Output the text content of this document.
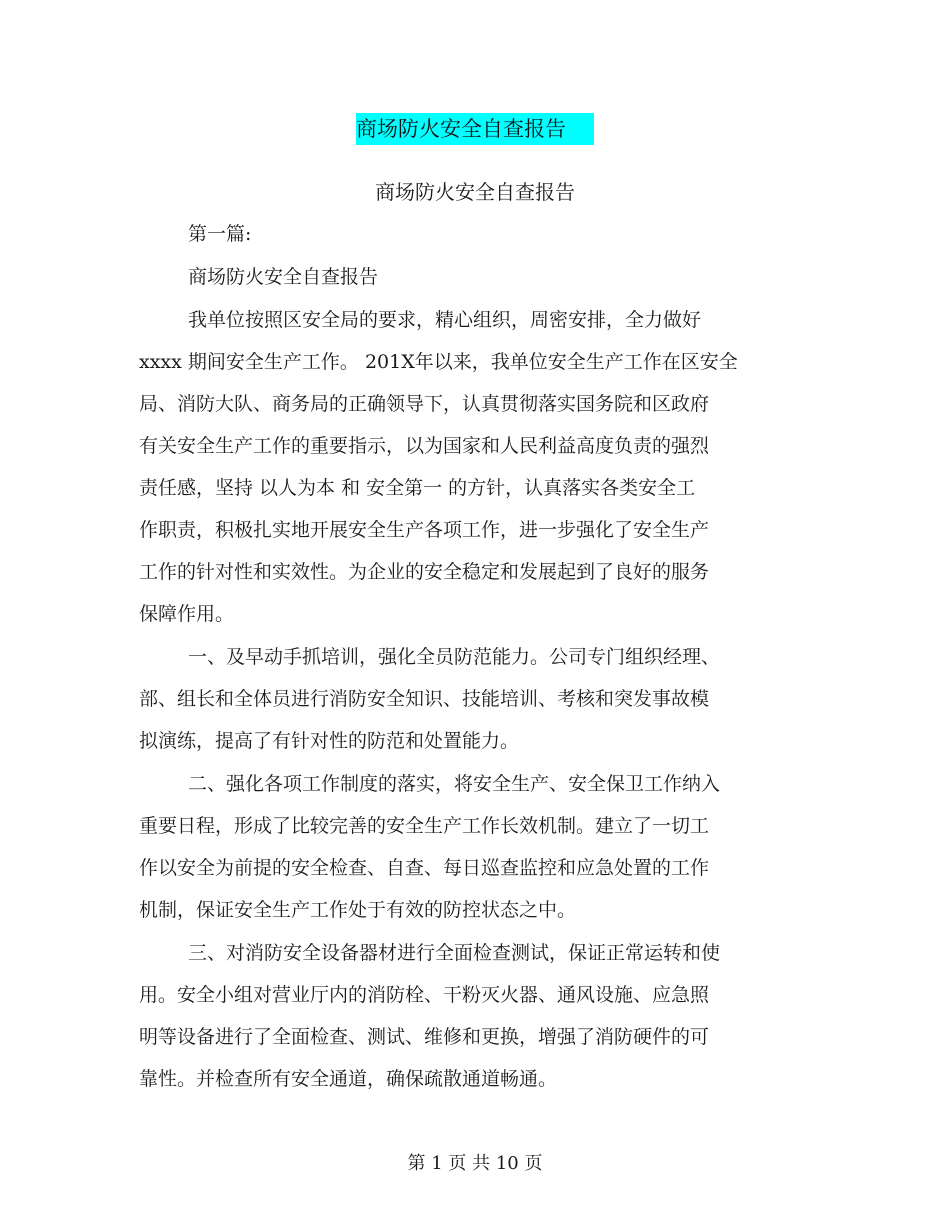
商场防火安全自查报告
商场防火安全自查报告
第一篇:
商场防火安全自查报告
我单位按照区安全局的要求，精心组织，周密安排，全力做好
xxxx 期间安全生产工作。 201X年以来，我单位安全生产工作在区安全
局、消防大队、商务局的正确领导下，认真贯彻落实国务院和区政府
有关安全生产工作的重要指示，以为国家和人民利益高度负责的强烈
责任感，坚持 以人为本 和 安全第一 的方针，认真落实各类安全工
作职责，积极扎实地开展安全生产各项工作，进一步强化了安全生产
工作的针对性和实效性。为企业的安全稳定和发展起到了良好的服务
保障作用。
一、及早动手抓培训，强化全员防范能力。公司专门组织经理、
部、组长和全体员进行消防安全知识、技能培训、考核和突发事故模
拟演练，提高了有针对性的防范和处置能力。
二、强化各项工作制度的落实，将安全生产、安全保卫工作纳入
重要日程，形成了比较完善的安全生产工作长效机制。建立了一切工
作以安全为前提的安全检查、自查、每日巡查监控和应急处置的工作
机制，保证安全生产工作处于有效的防控状态之中。
三、对消防安全设备器材进行全面检查测试，保证正常运转和使
用。安全小组对营业厅内的消防栓、干粉灭火器、通风设施、应急照
明等设备进行了全面检查、测试、维修和更换，增强了消防硬件的可
靠性。并检查所有安全通道，确保疏散通道畅通。
第 1 页 共 10 页
